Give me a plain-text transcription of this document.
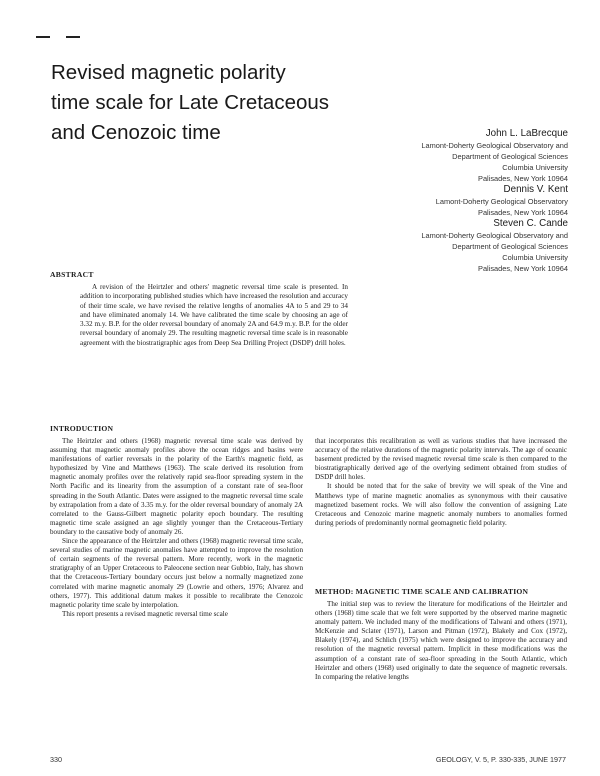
Revised magnetic polarity
time scale for Late Cretaceous
and Cenozoic time	John L. LaBrecque
Lamont-Doherty Geological Observatory and
Department of Geological Sciences
Columbia University
Palisades, New York 10964
Dennis V. Kent
Lamont-Doherty Geological Observatory
Palisades, New York 10964
Steven C. Cande
Lamont-Doherty Geological Observatory and
Department of Geological Sciences
Columbia University
Palisades, New York 10964
ABSTRACT

A revision of the Heirtzler and others' magnetic reversal time scale is presented. In addition to incorporating published studies which have increased the resolution and accuracy of their time scale, we have revised the relative lengths of anomalies 4A to 5 and 29 to 34 and have eliminated anomaly 14. We have calibrated the time scale by choosing an age of 3.32 m.y. B.P. for the older reversal boundary of anomaly 2A and 64.9 m.y. B.P. for the older reversal boundary of anomaly 29. The resulting magnetic reversal time scale is in reasonable agreement with the biostratigraphic ages from Deep Sea Drilling Project (DSDP) drill holes.

INTRODUCTION

The Heirtzler and others (1968) magnetic reversal time scale was derived by assuming that magnetic anomaly profiles above the ocean ridges and basins were manifestations of earlier reversals in the polarity of the Earth's magnetic field, as hypothesized by Vine and Matthews (1963). The scale derived its resolution from magnetic anomaly profiles over the relatively rapid sea-floor spreading system in the North Pacific and its linearity from the assumption of a constant rate of sea-floor spreading in the South Atlantic. Dates were assigned to the magnetic reversal time scale by extrapolation from a date of 3.35 m.y. for the older reversal boundary of anomaly 2A correlated to the Gauss-Gilbert magnetic polarity epoch boundary. The resulting magnetic time scale assigned an age slightly younger than the Cretaceous-Tertiary boundary to the causative body of anomaly 26.

Since the appearance of the Heirtzler and others (1968) magnetic reversal time scale, several studies of marine magnetic anomalies have attempted to improve the resolution of certain segments of the reversal pattern. More recently, work in the magnetic stratigraphy of an Upper Cretaceous to Paleocene section near Gubbio, Italy, has shown that the Cretaceous-Tertiary boundary occurs just below a normally magnetized zone correlated with marine magnetic anomaly 29 (Lowrie and others, 1976; Alvarez and others, 1977). This additional datum makes it possible to recalibrate the Cenozoic magnetic polarity time scale by interpolation.

This report presents a revised magnetic reversal time scale

that incorporates this recalibration as well as various studies that have increased the accuracy of the relative durations of the magnetic polarity intervals. The age of oceanic basement predicted by the revised magnetic reversal time scale is then compared to the biostratigraphically derived age of the overlying sediment obtained from studies of DSDP drill holes.

It should be noted that for the sake of brevity we will speak of the Vine and Matthews type of marine magnetic anomalies as synonymous with their causative magnetized basement rocks. We will also follow the convention of assigning Late Cretaceous and Cenozoic marine magnetic anomaly numbers to anomalies formed during periods of predominantly normal geomagnetic field polarity.

METHOD: MAGNETIC TIME SCALE AND CALIBRATION

The initial step was to review the literature for modifications of the Heirtzler and others (1968) time scale that we felt were supported by the observed marine magnetic anomaly pattern. We included many of the modifications of Talwani and others (1971), McKenzie and Sclater (1971), Larson and Pitman (1972), Blakely and Cox (1972), Blakely (1974), and Schlich (1975) which were designed to improve the accuracy and resolution of the magnetic reversal pattern. Implicit in these modifications was the assumption of a constant rate of sea-floor spreading in the South Atlantic, which Heirtzler and others (1968) used originally to date the sequence of magnetic reversals. In comparing the relative lengths

330	GEOLOGY, V. 5, P. 330-335, JUNE 1977
